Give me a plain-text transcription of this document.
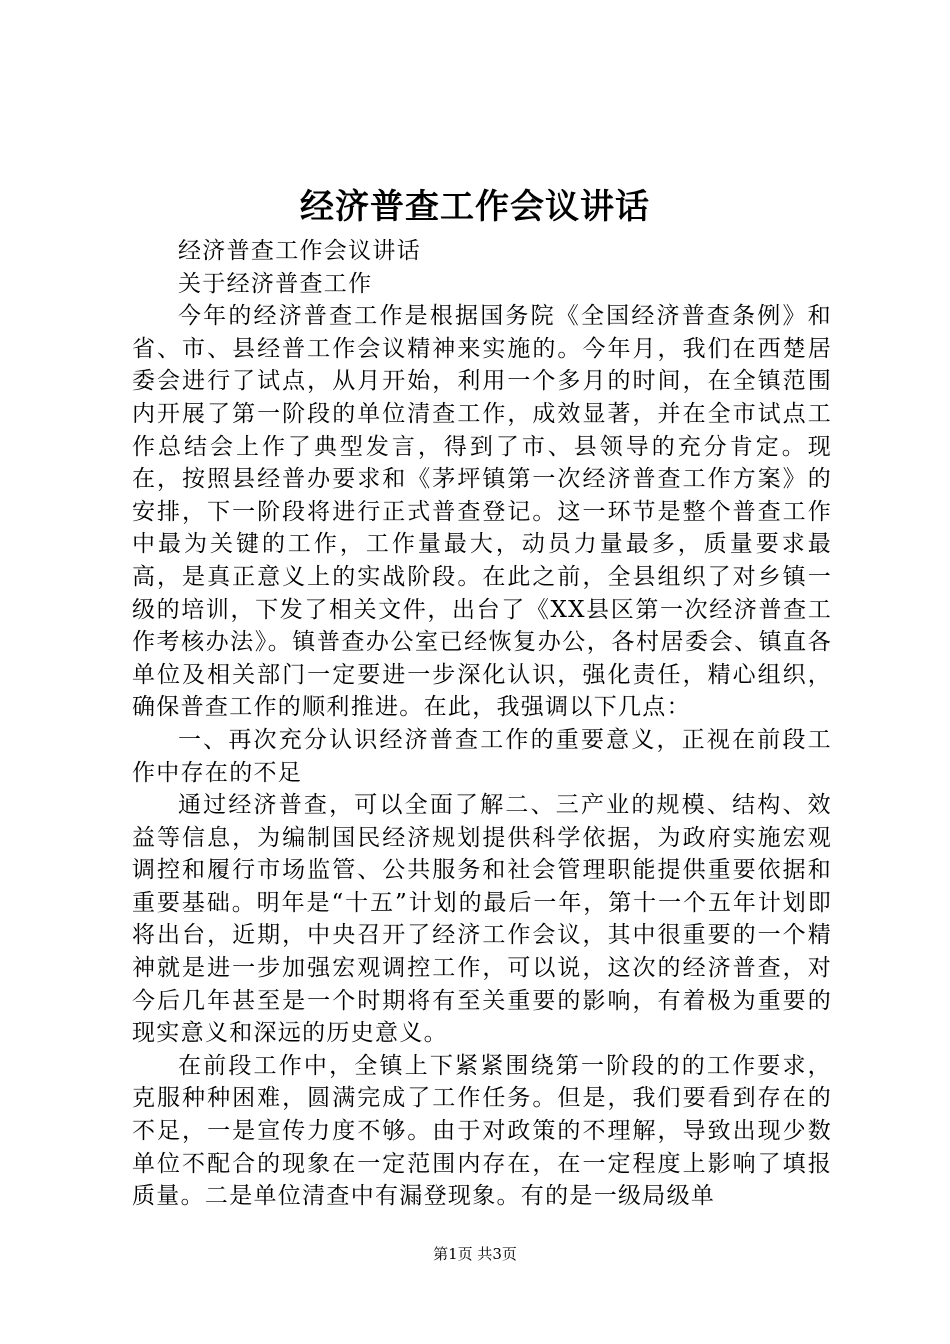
经济普查工作会议讲话

经济普查工作会议讲话

关于经济普查工作

今年的经济普查工作是根据国务院《全国经济普查条例》和省、市、县经普工作会议精神来实施的。今年月，我们在西楚居委会进行了试点，从月开始，利用一个多月的时间，在全镇范围内开展了第一阶段的单位清查工作，成效显著，并在全市试点工作总结会上作了典型发言，得到了市、县领导的充分肯定。现在，按照县经普办要求和《茅坪镇第一次经济普查工作方案》的安排，下一阶段将进行正式普查登记。这一环节是整个普查工作中最为关键的工作，工作量最大，动员力量最多，质量要求最高，是真正意义上的实战阶段。在此之前，全县组织了对乡镇一级的培训，下发了相关文件，出台了《XX县区第一次经济普查工作考核办法》。镇普查办公室已经恢复办公，各村居委会、镇直各单位及相关部门一定要进一步深化认识，强化责任，精心组织，确保普查工作的顺利推进。在此，我强调以下几点：

一、再次充分认识经济普查工作的重要意义，正视在前段工作中存在的不足

通过经济普查，可以全面了解二、三产业的规模、结构、效益等信息，为编制国民经济规划提供科学依据，为政府实施宏观调控和履行市场监管、公共服务和社会管理职能提供重要依据和重要基础。明年是“十五”计划的最后一年，第十一个五年计划即将出台，近期，中央召开了经济工作会议，其中很重要的一个精神就是进一步加强宏观调控工作，可以说，这次的经济普查，对今后几年甚至是一个时期将有至关重要的影响，有着极为重要的现实意义和深远的历史意义。

在前段工作中，全镇上下紧紧围绕第一阶段的的工作要求，克服种种困难，圆满完成了工作任务。但是，我们要看到存在的不足，一是宣传力度不够。由于对政策的不理解，导致出现少数单位不配合的现象在一定范围内存在，在一定程度上影响了填报质量。二是单位清查中有漏登现象。有的是一级局级单

第1页 共3页
